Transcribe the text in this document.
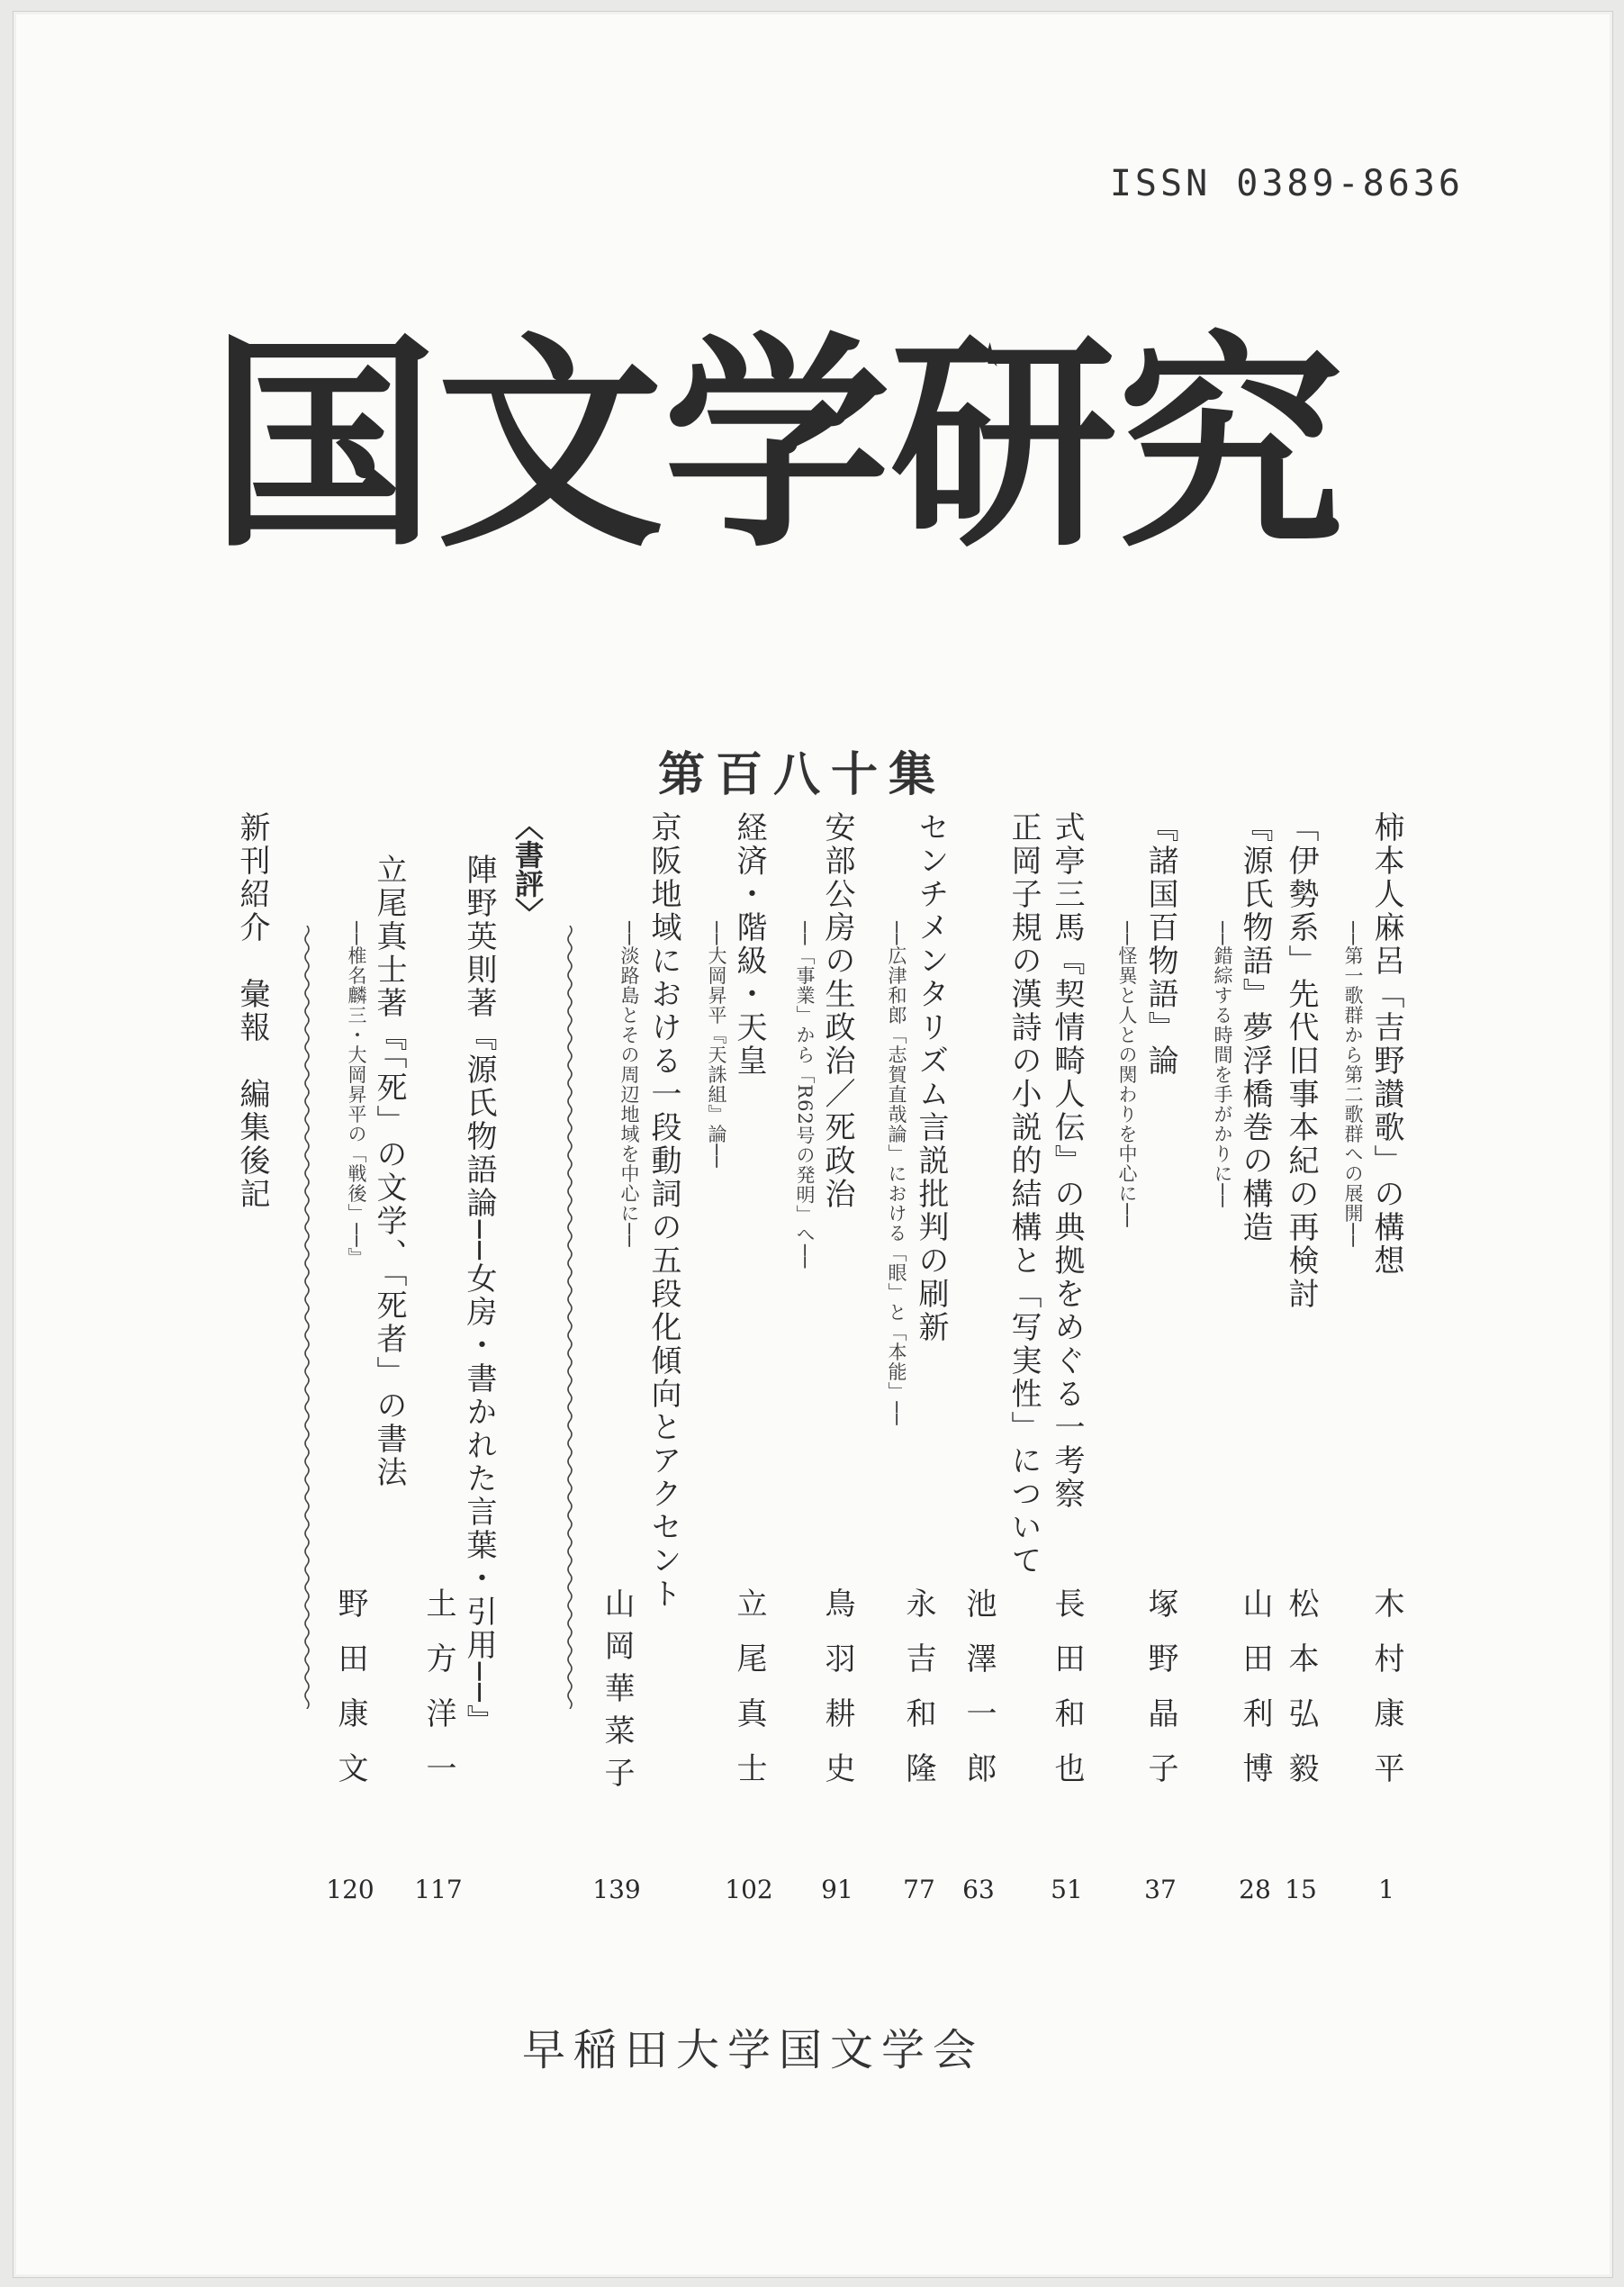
ISSN 0389-8636
国文学研究
第百八十集
柿本人麻呂「吉野讃歌」の構想
──第一歌群から第二歌群への展開──
木村康平
1
「伊勢系」先代旧事本紀の再検討
松本弘毅
15
『源氏物語』夢浮橋巻の構造
──錯綜する時間を手がかりに──
山田利博
28
『諸国百物語』論
──怪異と人との関わりを中心に──
塚野晶子
37
式亭三馬『契情畸人伝』の典拠をめぐる一考察
長田和也
51
正岡子規の漢詩の小説的結構と「写実性」について
池澤一郎
63
センチメンタリズム言説批判の刷新
──広津和郎「志賀直哉論」における「眼」と「本能」──
永吉和隆
77
安部公房の生政治／死政治
──「事業」から「R62号の発明」へ──
鳥羽耕史
91
経済・階級・天皇
──大岡昇平『天誅組』論──
立尾真士
102
京阪地域における一段動詞の五段化傾向とアクセント
──淡路島とその周辺地域を中心に──
山岡華菜子
139
〈書評〉
陣野英則著『源氏物語論──女房・書かれた言葉・引用──』
土方洋一
117
立尾真士著『「死」の文学、「死者」の書法
──椎名麟三・大岡昇平の「戦後」──』
野田康文
120
新刊紹介　彙報　編集後記
早稲田大学国文学会
